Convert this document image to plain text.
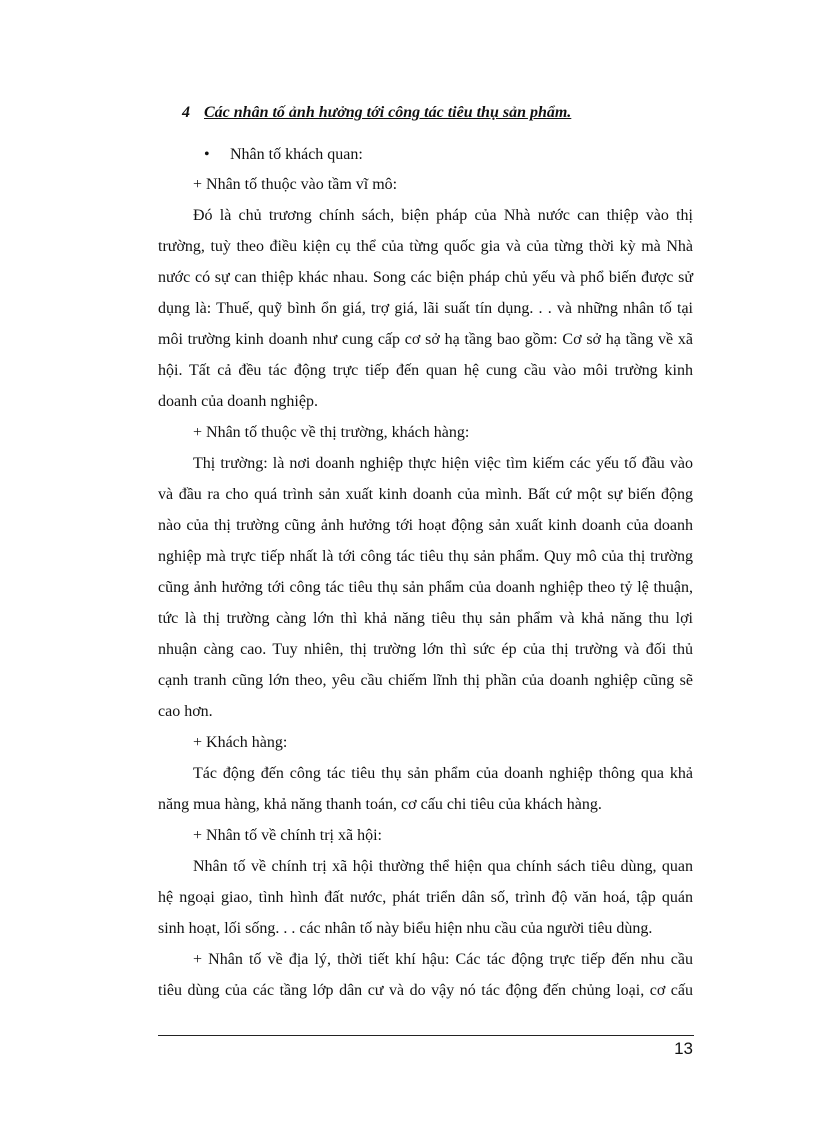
4 Các nhân tố ảnh hưởng tới công tác tiêu thụ sản phẩm.
• Nhân tố khách quan:
+ Nhân tố thuộc vào tầm vĩ mô:
Đó là chủ trương chính sách, biện pháp của Nhà nước can thiệp vào thị
trường, tuỳ theo điều kiện cụ thể của từng quốc gia và của từng thời kỳ mà Nhà
nước có sự can thiệp khác nhau. Song các biện pháp chủ yếu và phổ biến được sử
dụng là: Thuế, quỹ bình ổn giá, trợ giá, lãi suất tín dụng. . . và những nhân tố tại
môi trường kinh doanh như cung cấp cơ sở hạ tầng bao gồm: Cơ sở hạ tầng về xã
hội. Tất cả đều tác động trực tiếp đến quan hệ cung cầu vào môi trường kinh
doanh của doanh nghiệp.
+ Nhân tố thuộc về thị trường, khách hàng:
Thị trường: là nơi doanh nghiệp thực hiện việc tìm kiếm các yếu tố đầu vào
và đầu ra cho quá trình sản xuất kinh doanh của mình. Bất cứ một sự biến động
nào của thị trường cũng ảnh hưởng tới hoạt động sản xuất kinh doanh của doanh
nghiệp mà trực tiếp nhất là tới công tác tiêu thụ sản phẩm. Quy mô của thị trường
cũng ảnh hưởng tới công tác tiêu thụ sản phẩm của doanh nghiệp theo tỷ lệ thuận,
tức là thị trường càng lớn thì khả năng tiêu thụ sản phẩm và khả năng thu lợi
nhuận càng cao. Tuy nhiên, thị trường lớn thì sức ép của thị trường và đối thủ
cạnh tranh cũng lớn theo, yêu cầu chiếm lĩnh thị phần của doanh nghiệp cũng sẽ
cao hơn.
+ Khách hàng:
Tác động đến công tác tiêu thụ sản phẩm của doanh nghiệp thông qua khả
năng mua hàng, khả năng thanh toán, cơ cấu chi tiêu của khách hàng.
+ Nhân tố về chính trị xã hội:
Nhân tố về chính trị xã hội thường thể hiện qua chính sách tiêu dùng, quan
hệ ngoại giao, tình hình đất nước, phát triển dân số, trình độ văn hoá, tập quán
sinh hoạt, lối sống. . . các nhân tố này biểu hiện nhu cầu của người tiêu dùng.
+ Nhân tố về địa lý, thời tiết khí hậu: Các tác động trực tiếp đến nhu cầu
tiêu dùng của các tầng lớp dân cư và do vậy nó tác động đến chủng loại, cơ cấu
13
